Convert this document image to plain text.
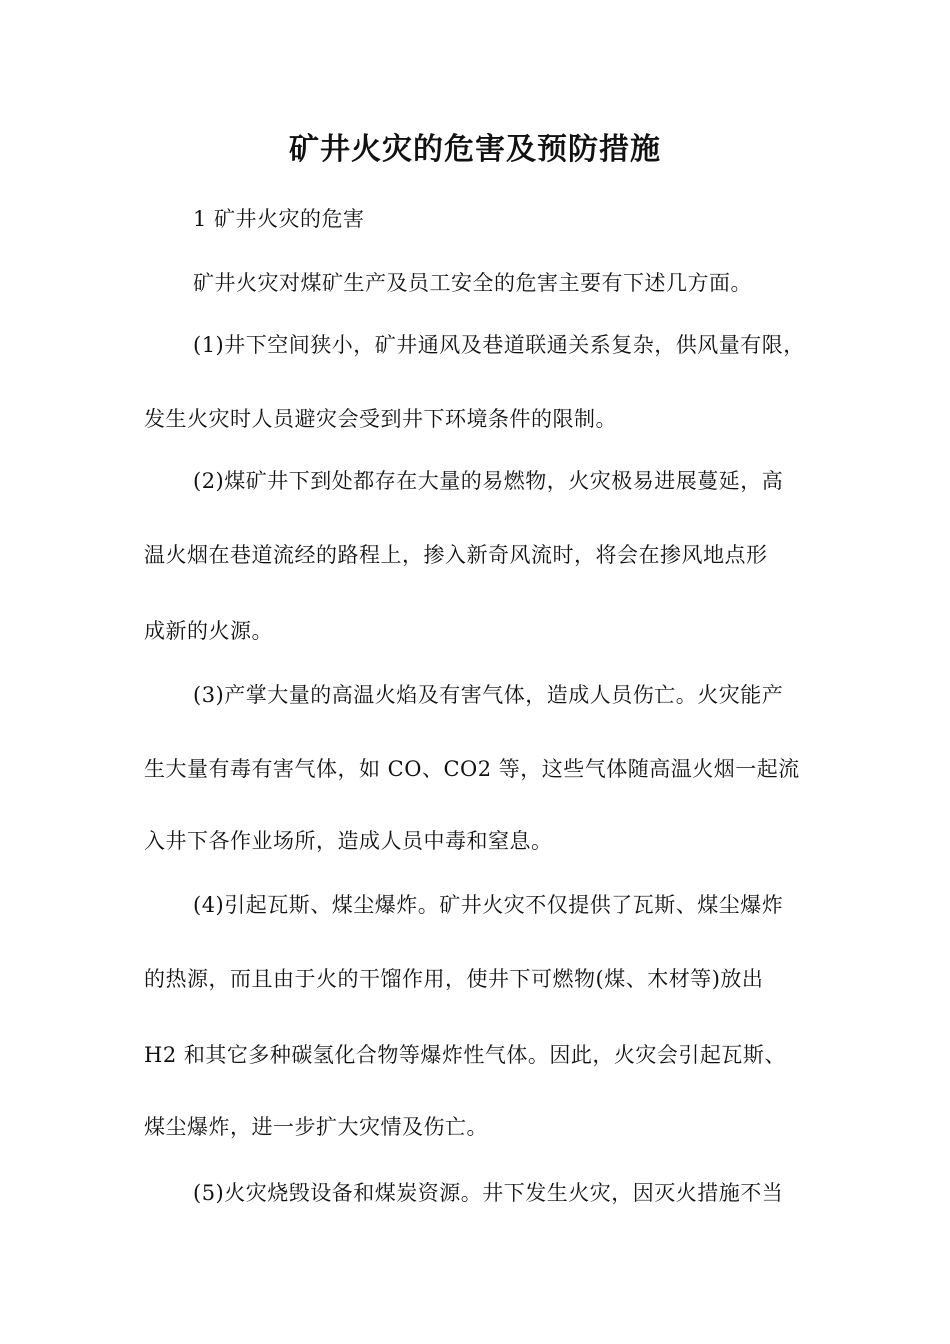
矿井火灾的危害及预防措施
1 矿井火灾的危害
矿井火灾对煤矿生产及员工安全的危害主要有下述几方面。
(1)井下空间狭小，矿井通风及巷道联通关系复杂，供风量有限，
发生火灾时人员避灾会受到井下环境条件的限制。
(2)煤矿井下到处都存在大量的易燃物，火灾极易进展蔓延，高
温火烟在巷道流经的路程上，掺入新奇风流时，将会在掺风地点形
成新的火源。
(3)产掌大量的高温火焰及有害气体，造成人员伤亡。火灾能产
生大量有毒有害气体，如 CO、CO2 等，这些气体随高温火烟一起流
入井下各作业场所，造成人员中毒和窒息。
(4)引起瓦斯、煤尘爆炸。矿井火灾不仅提供了瓦斯、煤尘爆炸
的热源，而且由于火的干馏作用，使井下可燃物(煤、木材等)放出
H2 和其它多种碳氢化合物等爆炸性气体。因此，火灾会引起瓦斯、
煤尘爆炸，进一步扩大灾情及伤亡。
(5)火灾烧毁设备和煤炭资源。井下发生火灾，因灭火措施不当
